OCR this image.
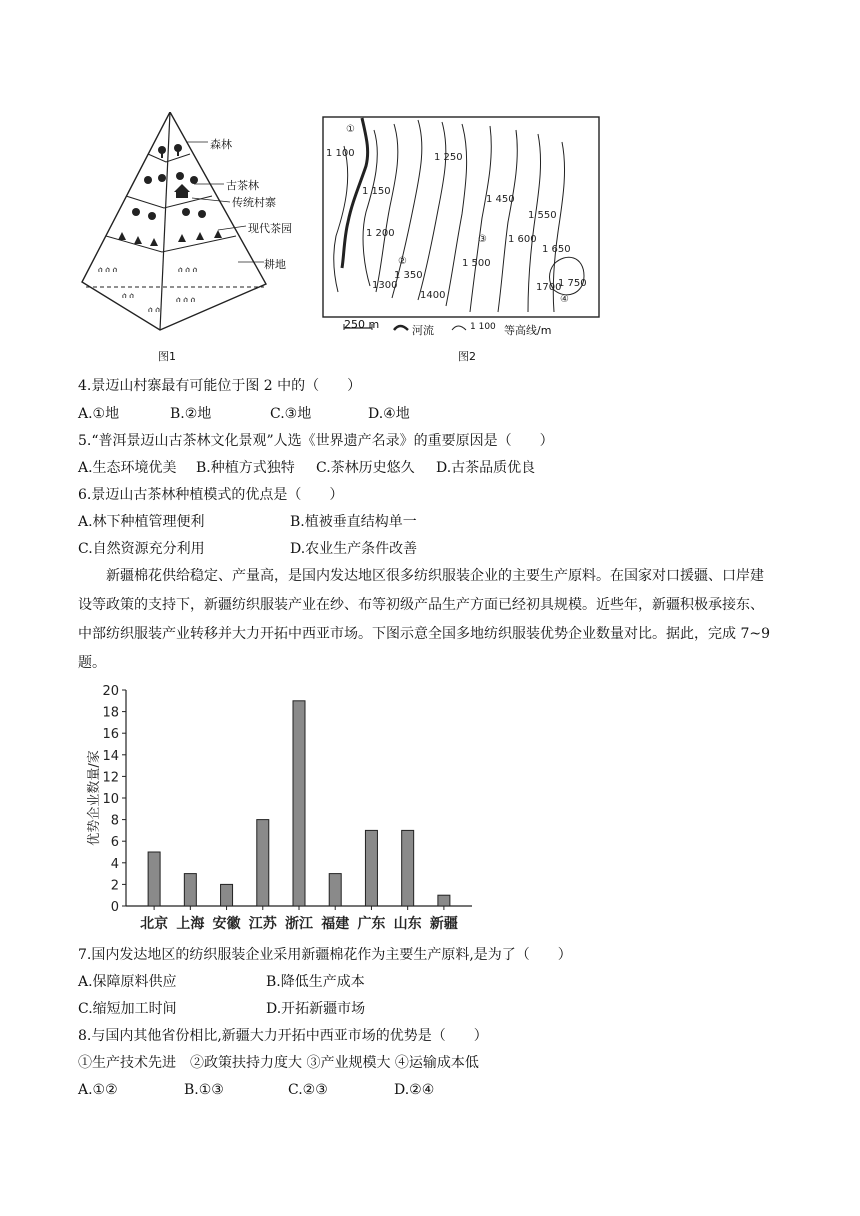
ሰ ሰ ሰ
ሰ ሰ
ሰ ሰ ሰ
ሰ ሰ ሰ
ሰ ሰ
森林
古茶林
传统村寨
现代茶园
耕地
图1
①
1 100
1 150
1 200
②
1300
1 350
1400
1 250
1 450
③
1 500
1 600
1 550
1 650
1700
1 750
④
250 m	河流	1 100 等高线/m
图2
4.景迈山村寨最有可能位于图 2 中的（　　）
A.①地	B.②地	C.③地	D.④地
5.“普洱景迈山古茶林文化景观”人选《世界遗产名录》的重要原因是（　　）
A.生态环境优美 B.种植方式独特 C.茶林历史悠久 D.古茶品质优良
6.景迈山古茶林种植模式的优点是（　　）
A.林下种植管理便利	B.植被垂直结构单一
C.自然资源充分利用	D.农业生产条件改善
新疆棉花供给稳定、产量高，是国内发达地区很多纺织服装企业的主要生产原料。在国家对口援疆、口岸建设等政策的支持下，新疆纺织服装产业在纱、布等初级产品生产方面已经初具规模。近些年，新疆积极承接东、中部纺织服装产业转移并大力开拓中西亚市场。下图示意全国多地纺织服装优势企业数量对比。据此，完成 7~9 题。
0
2
4
6
8
10
12
14
16
18
20
优势企业数量/家
北京 上海 安徽 江苏 浙江 福建 广东 山东 新疆
7.国内发达地区的纺织服装企业采用新疆棉花作为主要生产原料,是为了（　　）
A.保障原料供应	B.降低生产成本
C.缩短加工时间	D.开拓新疆市场
8.与国内其他省份相比,新疆大力开拓中西亚市场的优势是（　　）
①生产技术先进　②政策扶持力度大 ③产业规模大 ④运输成本低
A.①②	B.①③	C.②③	D.②④
